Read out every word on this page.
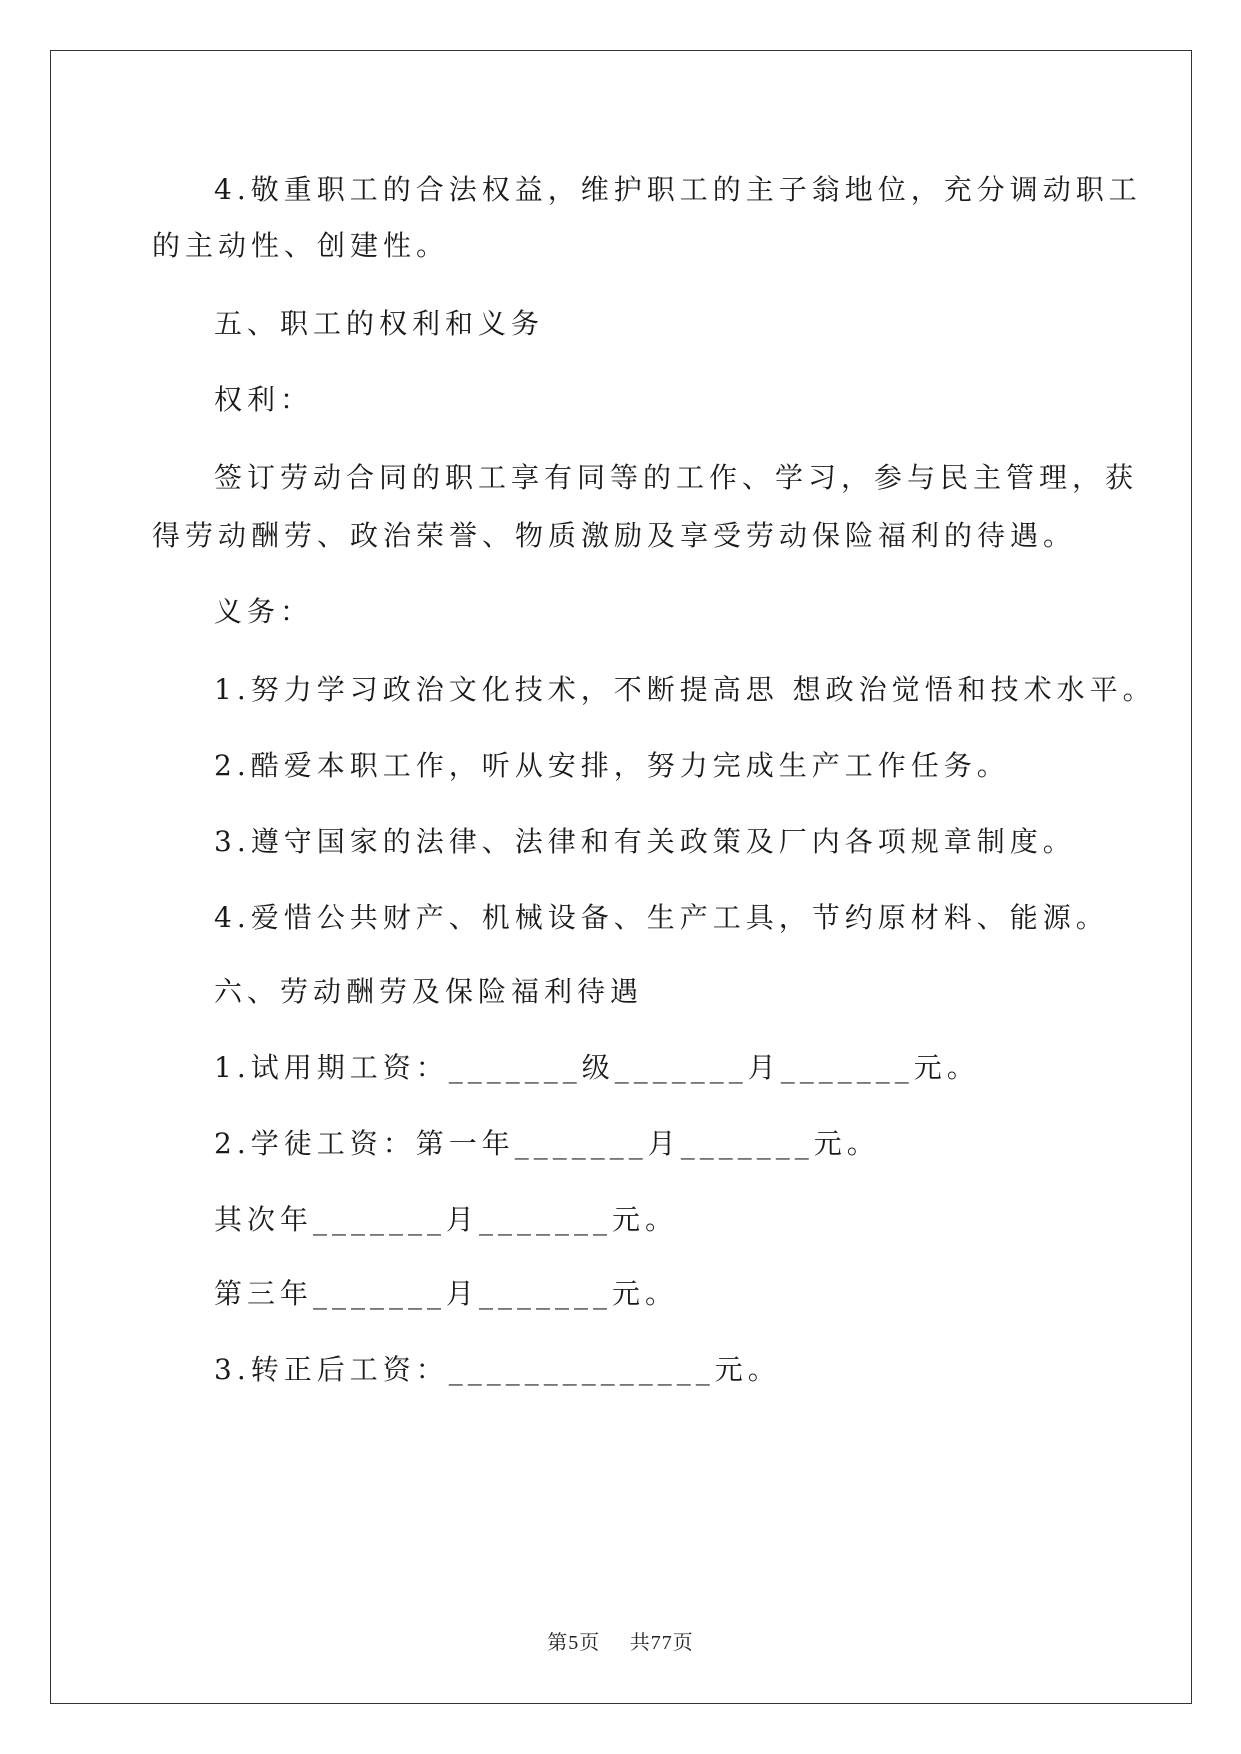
4.敬重职工的合法权益，维护职工的主子翁地位，充分调动职工

的主动性、创建性。

五、职工的权利和义务

权利：

签订劳动合同的职工享有同等的工作、学习，参与民主管理，获

得劳动酬劳、政治荣誉、物质激励及享受劳动保险福利的待遇。

义务：

1.努力学习政治文化技术，不断提高思 想政治觉悟和技术水平。

2.酷爱本职工作，听从安排，努力完成生产工作任务。

3.遵守国家的法律、法律和有关政策及厂内各项规章制度。

4.爱惜公共财产、机械设备、生产工具，节约原材料、能源。

六、劳动酬劳及保险福利待遇

1.试用期工资：_______级_______月_______元。

2.学徒工资：第一年_______月_______元。

其次年_______月_______元。

第三年_______月_______元。

3.转正后工资：______________元。

第5页 共77页
